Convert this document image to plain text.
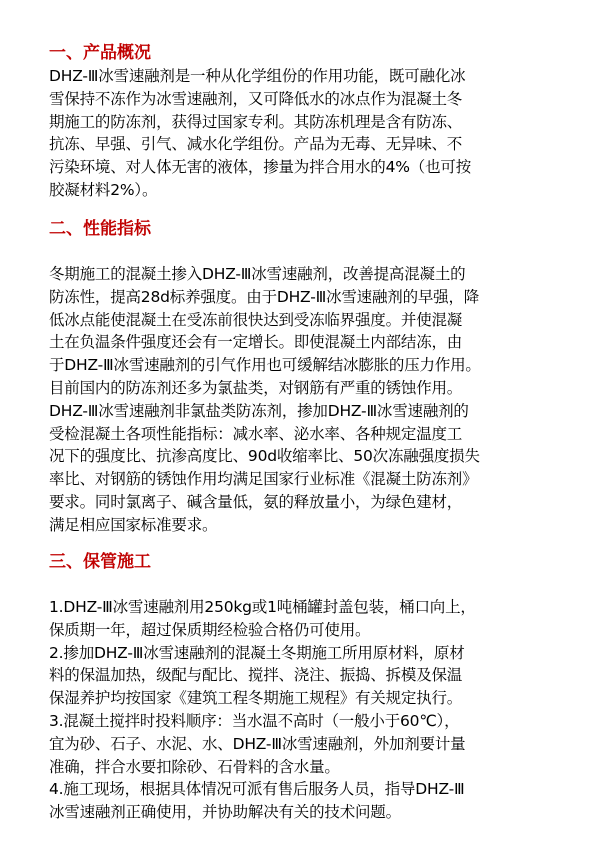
一、产品概况
DHZ-Ⅲ冰雪速融剂是一种从化学组份的作用功能，既可融化冰
雪保持不冻作为冰雪速融剂，又可降低水的冰点作为混凝土冬
期施工的防冻剂，获得过国家专利。其防冻机理是含有防冻、
抗冻、早强、引气、减水化学组份。产品为无毒、无异味、不
污染环境、对人体无害的液体，掺量为拌合用水的4%（也可按
胶凝材料2%）。
二、性能指标
冬期施工的混凝土掺入DHZ-Ⅲ冰雪速融剂，改善提高混凝土的
防冻性，提高28d标养强度。由于DHZ-Ⅲ冰雪速融剂的早强，降
低冰点能使混凝土在受冻前很快达到受冻临界强度。并使混凝
土在负温条件强度还会有一定增长。即使混凝土内部结冻，由
于DHZ-Ⅲ冰雪速融剂的引气作用也可缓解结冰膨胀的压力作用。
目前国内的防冻剂还多为氯盐类，对钢筋有严重的锈蚀作用。
DHZ-Ⅲ冰雪速融剂非氯盐类防冻剂，掺加DHZ-Ⅲ冰雪速融剂的
受检混凝土各项性能指标：减水率、泌水率、各种规定温度工
况下的强度比、抗渗高度比、90d收缩率比、50次冻融强度损失
率比、对钢筋的锈蚀作用均满足国家行业标准《混凝土防冻剂》
要求。同时氯离子、碱含量低，氨的释放量小，为绿色建材，
满足相应国家标准要求。
三、保管施工
1.DHZ-Ⅲ冰雪速融剂用250kg或1吨桶罐封盖包装，桶口向上，
保质期一年，超过保质期经检验合格仍可使用。
2.掺加DHZ-Ⅲ冰雪速融剂的混凝土冬期施工所用原材料，原材
料的保温加热，级配与配比、搅拌、浇注、振捣、拆模及保温
保湿养护均按国家《建筑工程冬期施工规程》有关规定执行。
3.混凝土搅拌时投料顺序：当水温不高时（一般小于60℃），
宜为砂、石子、水泥、水、DHZ-Ⅲ冰雪速融剂，外加剂要计量
准确，拌合水要扣除砂、石骨料的含水量。
4.施工现场，根据具体情况可派有售后服务人员，指导DHZ-Ⅲ
冰雪速融剂正确使用，并协助解决有关的技术问题。
